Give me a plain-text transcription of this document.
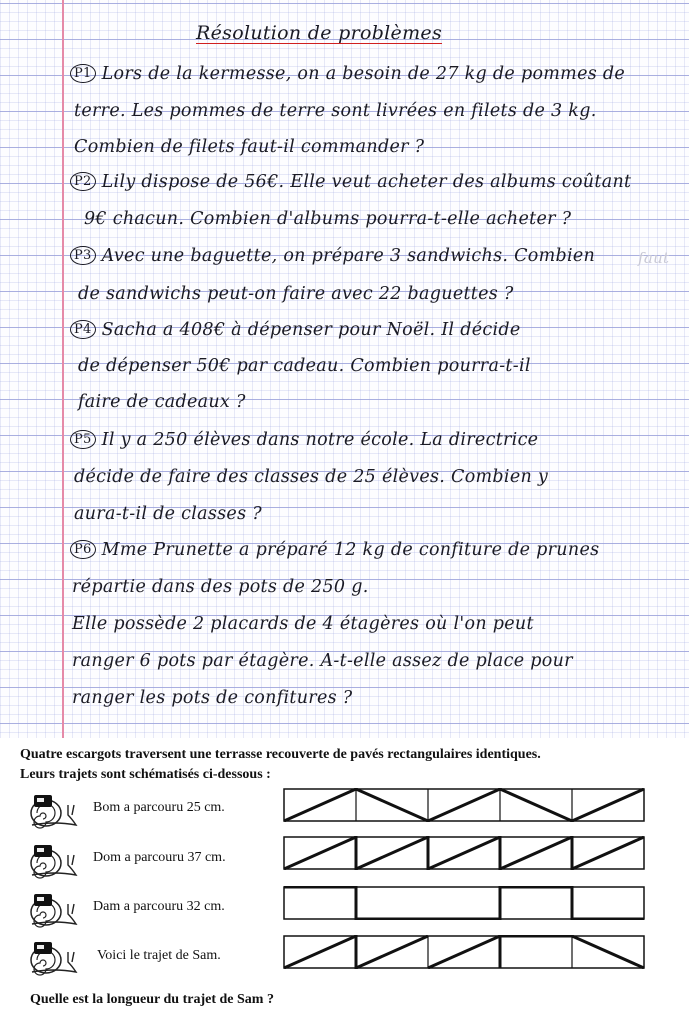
Résolution de problèmes
P1 Lors de la kermesse, on a besoin de 27 kg de pommes de
terre. Les pommes de terre sont livrées en filets de 3 kg.
Combien de filets faut-il commander ?
P2 Lily dispose de 56€. Elle veut acheter des albums coûtant
9€ chacun. Combien d'albums pourra-t-elle acheter ?
P3 Avec une baguette, on prépare 3 sandwichs. Combien	faut
de sandwichs peut-on faire avec 22 baguettes ?
P4 Sacha a 408€ à dépenser pour Noël. Il décide
de dépenser 50€ par cadeau. Combien pourra-t-il
faire de cadeaux ?
P5 Il y a 250 élèves dans notre école. La directrice
décide de faire des classes de 25 élèves. Combien y
aura-t-il de classes ?
P6 Mme Prunette a préparé 12 kg de confiture de prunes
répartie dans des pots de 250 g.
Elle possède 2 placards de 4 étagères où l'on peut
ranger 6 pots par étagère. A-t-elle assez de place pour
ranger les pots de confitures ?
Quatre escargots traversent une terrasse recouverte de pavés rectangulaires identiques.
Leurs trajets sont schématisés ci-dessous :
Bom a parcouru 25 cm.
Dom a parcouru 37 cm.
Dam a parcouru 32 cm.
Voici le trajet de Sam.
Quelle est la longueur du trajet de Sam ?
